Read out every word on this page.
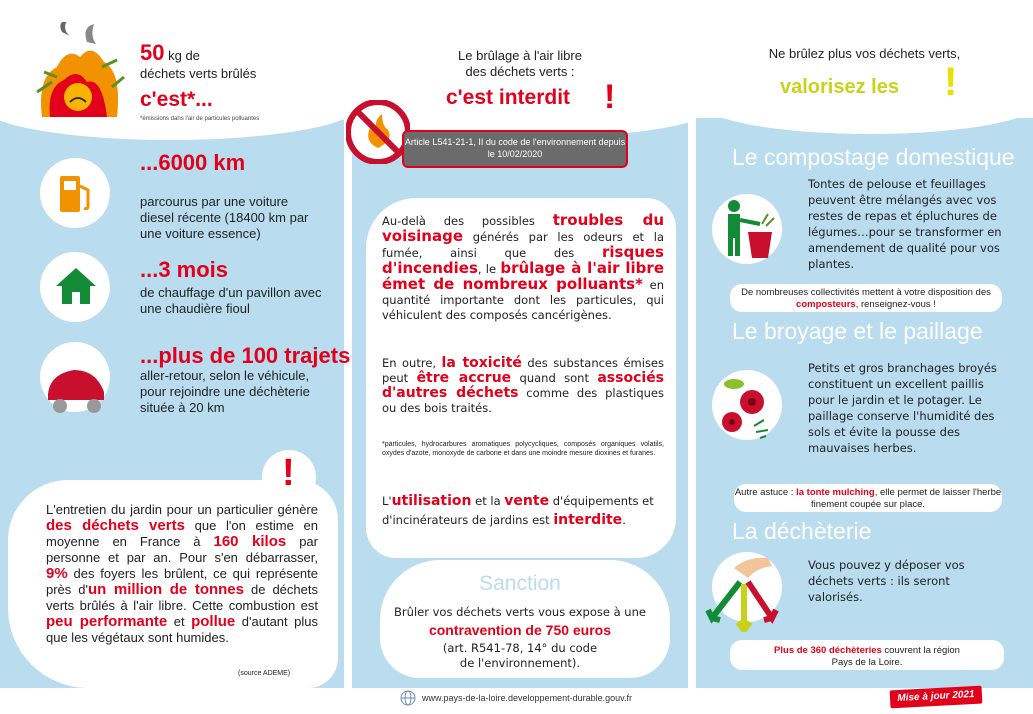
50 kg de
déchets verts brûlés
c'est*...
*émissions dans l'air de particules polluantes
...6000 km
parcourus par une voiture diesel récente (18400 km par une voiture essence)
...3 mois
de chauffage d'un pavillon avec une chaudière fioul
...plus de 100 trajets
aller-retour, selon le véhicule, pour rejoindre une déchèterie située à 20 km
!
L'entretien du jardin pour un particulier génère des déchets verts que l'on estime en moyenne en France à 160 kilos par personne et par an. Pour s'en débarrasser, 9% des foyers les brûlent, ce qui représente près d'un million de tonnes de déchets verts brûlés à l'air libre. Cette combustion est peu performante et pollue d'autant plus que les végétaux sont humides.
(source ADEME)
Le brûlage à l'air libre
des déchets verts :
c'est interdit !
Article L541-21-1, II du code de l'environnement depuis le 10/02/2020
Au-delà des possibles troubles du voisinage générés par les odeurs et la fumée, ainsi que des risques d'incendies, le brûlage à l'air libre émet de nombreux polluants* en quantité importante dont les particules, qui véhiculent des composés cancérigènes.
En outre, la toxicité des substances émises peut être accrue quand sont associés d'autres déchets comme des plastiques ou des bois traités.
*particules, hydrocarbures aromatiques polycycliques, composés organiques volatils, oxydes d'azote, monoxyde de carbone et dans une moindre mesure dioxines et furanes.
L'utilisation et la vente d'équipements et d'incinérateurs de jardins est interdite.
Sanction
Brûler vos déchets verts vous expose à une
contravention de 750 euros
(art. R541-78, 14° du code
de l'environnement).
Ne brûlez plus vos déchets verts,
valorisez les !
Le compostage domestique
Tontes de pelouse et feuillages peuvent être mélangés avec vos restes de repas et épluchures de légumes…pour se transformer en amendement de qualité pour vos plantes.
De nombreuses collectivités mettent à votre disposition des composteurs, renseignez-vous !
Le broyage et le paillage
Petits et gros branchages broyés constituent un excellent paillis pour le jardin et le potager. Le paillage conserve l'humidité des sols et évite la pousse des mauvaises herbes.
Autre astuce : la tonte mulching, elle permet de laisser l'herbe finement coupée sur place.
La déchèterie
Vous pouvez y déposer vos déchets verts : ils seront valorisés.
Plus de 360 déchèteries couvrent la région Pays de la Loire.
www.pays-de-la-loire.developpement-durable.gouv.fr	Mise à jour 2021
